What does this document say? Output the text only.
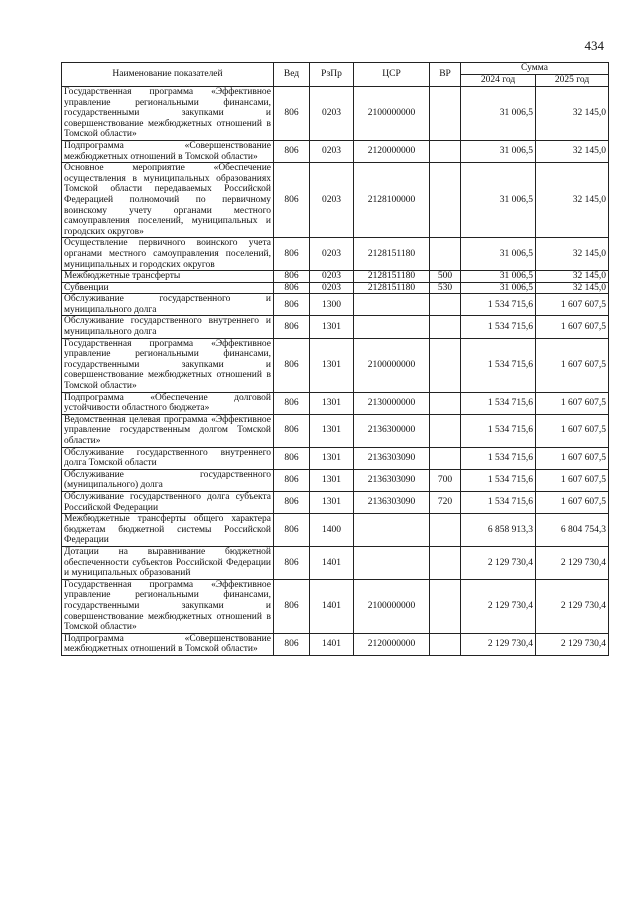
434
Наименование показателей	Вед	РзПр	ЦСР	ВР	Сумма	
					2024 год	2025 год
Государственная программа «Эффективное управление региональными финансами, государственными закупками и совершенствование межбюджетных отношений в Томской области»	806	0203	2100000000		31 006,5	32 145,0
Подпрограмма «Совершенствование межбюджетных отношений в Томской области»	806	0203	2120000000		31 006,5	32 145,0
Основное мероприятие «Обеспечение осуществления в муниципальных образованиях Томской области передаваемых Российской Федерацией полномочий по первичному воинскому учету органами местного самоуправления поселений, муниципальных и городских округов»	806	0203	2128100000		31 006,5	32 145,0
Осуществление первичного воинского учета органами местного самоуправления поселений, муниципальных и городских округов	806	0203	2128151180		31 006,5	32 145,0
Межбюджетные трансферты	806	0203	2128151180	500	31 006,5	32 145,0
Субвенции	806	0203	2128151180	530	31 006,5	32 145,0
Обслуживание государственного и муниципального долга	806	1300			1 534 715,6	1 607 607,5
Обслуживание государственного внутреннего и муниципального долга	806	1301			1 534 715,6	1 607 607,5
Государственная программа «Эффективное управление региональными финансами, государственными закупками и совершенствование межбюджетных отношений в Томской области»	806	1301	2100000000		1 534 715,6	1 607 607,5
Подпрограмма «Обеспечение долговой устойчивости областного бюджета»	806	1301	2130000000		1 534 715,6	1 607 607,5
Ведомственная целевая программа «Эффективное управление государственным долгом Томской области»	806	1301	2136300000		1 534 715,6	1 607 607,5
Обслуживание государственного внутреннего долга Томской области	806	1301	2136303090		1 534 715,6	1 607 607,5
Обслуживание государственного (муниципального) долга	806	1301	2136303090	700	1 534 715,6	1 607 607,5
Обслуживание государственного долга субъекта Российской Федерации	806	1301	2136303090	720	1 534 715,6	1 607 607,5
Межбюджетные трансферты общего характера бюджетам бюджетной системы Российской Федерации	806	1400			6 858 913,3	6 804 754,3
Дотации на выравнивание бюджетной обеспеченности субъектов Российской Федерации и муниципальных образований	806	1401			2 129 730,4	2 129 730,4
Государственная программа «Эффективное управление региональными финансами, государственными закупками и совершенствование межбюджетных отношений в Томской области»	806	1401	2100000000		2 129 730,4	2 129 730,4
Подпрограмма «Совершенствование межбюджетных отношений в Томской области»	806	1401	2120000000		2 129 730,4	2 129 730,4
